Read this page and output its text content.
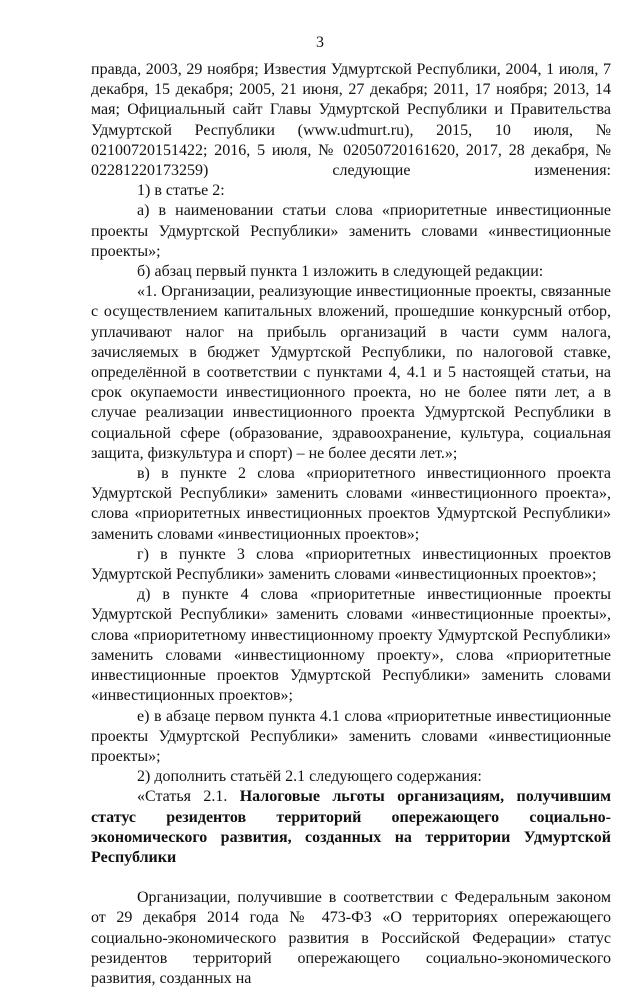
3

правда, 2003, 29 ноября; Известия Удмуртской Республики, 2004, 1 июля, 7 декабря, 15 декабря; 2005, 21 июня, 27 декабря; 2011, 17 ноября; 2013, 14 мая; Официальный сайт Главы Удмуртской Республики и Правительства Удмуртской Республики (www.udmurt.ru), 2015, 10 июля, № 02100720151422; 2016, 5 июля, № 02050720161620, 2017, 28 декабря, № 02281220173259) следующие изменения:

1) в статье 2:

а) в наименовании статьи слова «приоритетные инвестиционные проекты Удмуртской Республики» заменить словами «инвестиционные проекты»;

б) абзац первый пункта 1 изложить в следующей редакции:

«1. Организации, реализующие инвестиционные проекты, связанные с осуществлением капитальных вложений, прошедшие конкурсный отбор, уплачивают налог на прибыль организаций в части сумм налога, зачисляемых в бюджет Удмуртской Республики, по налоговой ставке, определённой в соответствии с пунктами 4, 4.1 и 5 настоящей статьи, на срок окупаемости инвестиционного проекта, но не более пяти лет, а в случае реализации инвестиционного проекта Удмуртской Республики в социальной сфере (образование, здравоохранение, культура, социальная защита, физкультура и спорт) – не более десяти лет.»;

в) в пункте 2 слова «приоритетного инвестиционного проекта Удмуртской Республики» заменить словами «инвестиционного проекта», слова «приоритетных инвестиционных проектов Удмуртской Республики» заменить словами «инвестиционных проектов»;

г) в пункте 3 слова «приоритетных инвестиционных проектов Удмуртской Республики» заменить словами «инвестиционных проектов»;

д) в пункте 4 слова «приоритетные инвестиционные проекты Удмуртской Республики» заменить словами «инвестиционные проекты», слова «приоритетному инвестиционному проекту Удмуртской Республики» заменить словами «инвестиционному проекту», слова «приоритетные инвестиционные проектов Удмуртской Республики» заменить словами «инвестиционных проектов»;

е) в абзаце первом пункта 4.1 слова «приоритетные инвестиционные проекты Удмуртской Республики» заменить словами «инвестиционные проекты»;

2) дополнить статьёй 2.1 следующего содержания:

«Статья 2.1. Налоговые льготы организациям, получившим статус резидентов территорий опережающего социально-экономического развития, созданных на территории Удмуртской Республики

Организации, получившие в соответствии с Федеральным законом от 29 декабря 2014 года № 473-ФЗ «О территориях опережающего социально-экономического развития в Российской Федерации» статус резидентов территорий опережающего социально-экономического развития, созданных на
